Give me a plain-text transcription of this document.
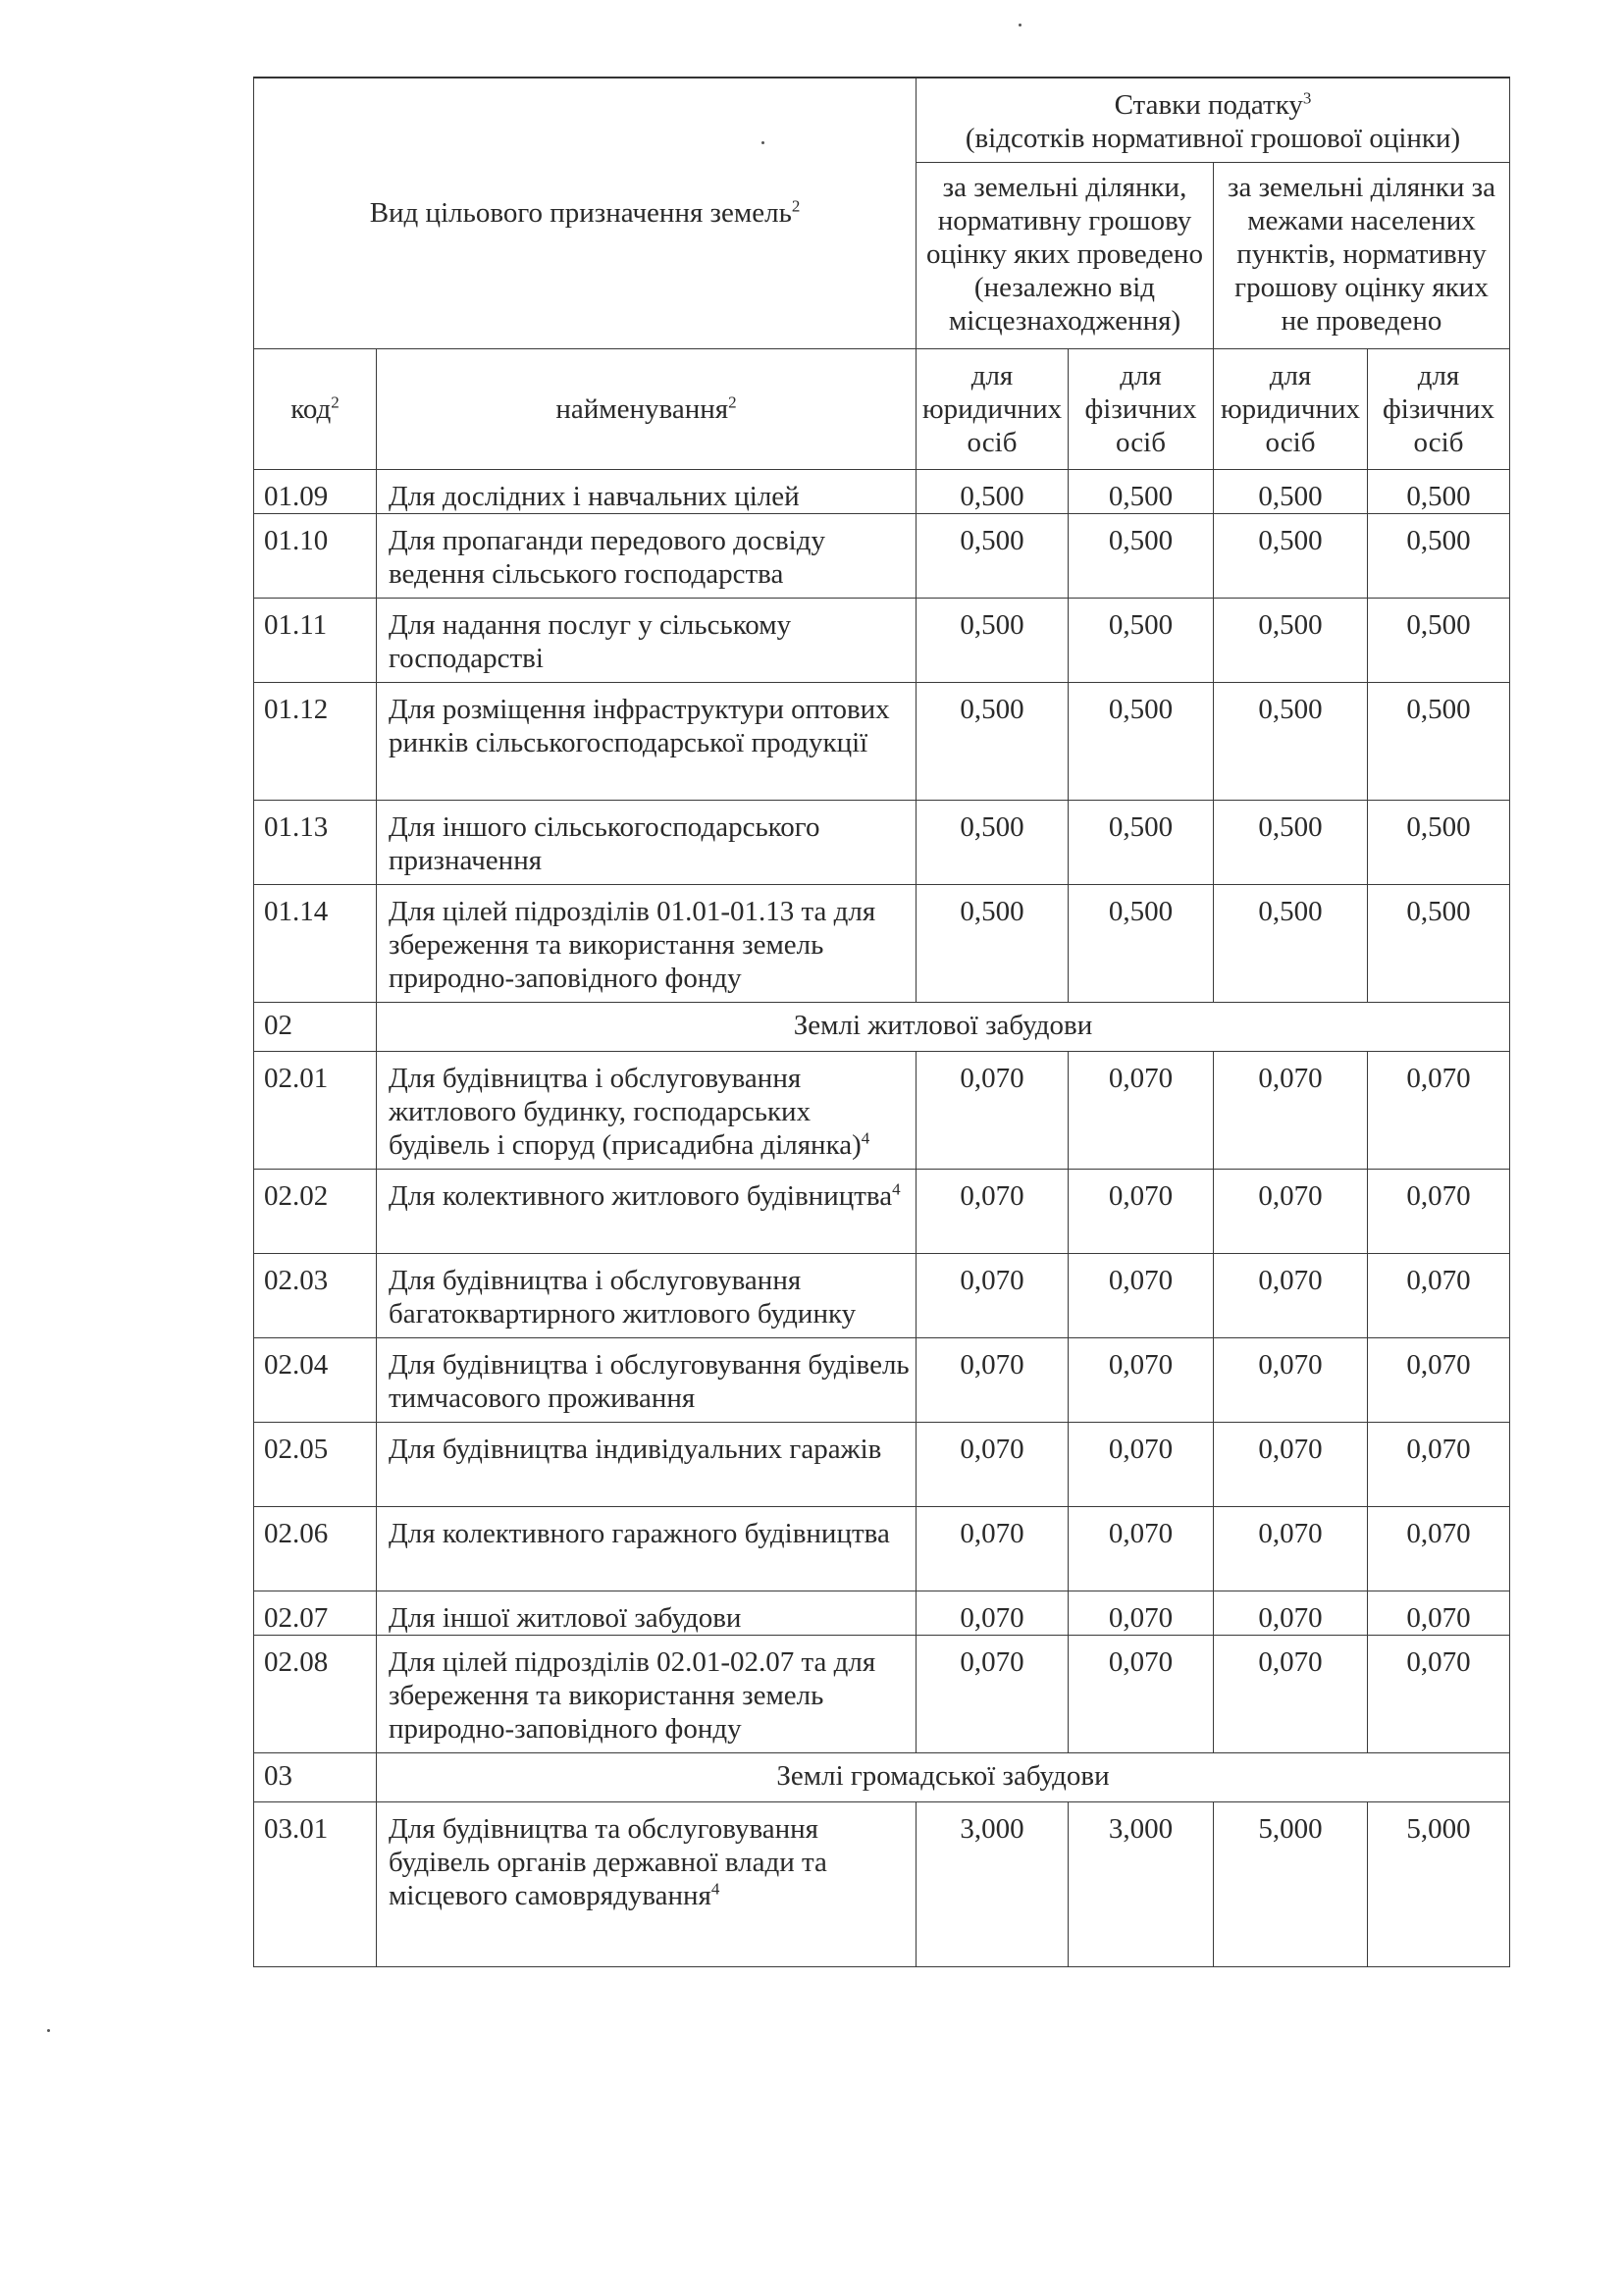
Вид цільового призначення земель$^2$		Ставки податку$^3$
(відсотків нормативної грошової оцінки)			

		за земельні ділянки, нормативну грошову оцінку яких проведено (незалежно від місцезнаходження)		за земельні ділянки за межами населених пунктів, нормативну грошову оцінку яких не проведено	
код$^2$	найменування$^2$	для юридичних осіб	для фізичних осіб	для юридичних осіб	для фізичних осіб
01.09	Для дослідних і навчальних цілей	0,500	0,500	0,500	0,500
01.10	Для пропаганди передового досвіду ведення сільського господарства	0,500	0,500	0,500	0,500
01.11	Для надання послуг у сільському господарстві	0,500	0,500	0,500	0,500
01.12	Для розміщення інфраструктури оптових ринків сільськогосподарської продукції	0,500	0,500	0,500	0,500
01.13	Для іншого сільськогосподарського призначення	0,500	0,500	0,500	0,500
01.14	Для цілей підрозділів 01.01-01.13 та для збереження та використання земель природно-заповідного фонду	0,500	0,500	0,500	0,500
02	Землі житлової забудови				
02.01	Для будівництва і обслуговування житлового будинку, господарських будівель і споруд (присадибна ділянка)$^4$	0,070	0,070	0,070	0,070
02.02	Для колективного житлового будівництва$^4$	0,070	0,070	0,070	0,070
02.03	Для будівництва і обслуговування багатоквартирного житлового будинку	0,070	0,070	0,070	0,070
02.04	Для будівництва і обслуговування будівель тимчасового проживання	0,070	0,070	0,070	0,070
02.05	Для будівництва індивідуальних гаражів	0,070	0,070	0,070	0,070
02.06	Для колективного гаражного будівництва	0,070	0,070	0,070	0,070
02.07	Для іншої житлової забудови	0,070	0,070	0,070	0,070
02.08	Для цілей підрозділів 02.01-02.07 та для збереження та використання земель природно-заповідного фонду	0,070	0,070	0,070	0,070
03	Землі громадської забудови				
03.01	Для будівництва та обслуговування будівель органів державної влади та місцевого самоврядування$^4$	3,000	3,000	5,000	5,000
